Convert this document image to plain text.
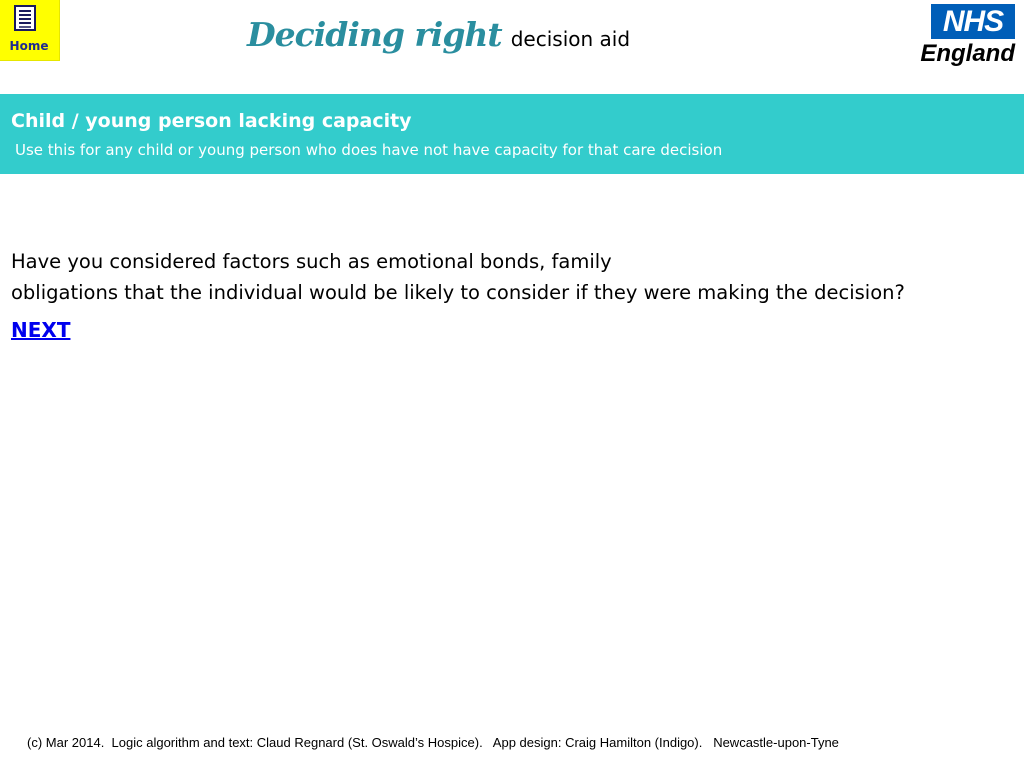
Home	Deciding right decision aid
NHS
England
Child / young person lacking capacity
Use this for any child or young person who does have not have capacity for that care decision
Have you considered factors such as emotional bonds, family
obligations that the individual would be likely to consider if they were making the decision?
NEXT
(c) Mar 2014.  Logic algorithm and text: Claud Regnard (St. Oswald’s Hospice).   App design: Craig Hamilton (Indigo).   Newcastle-upon-Tyne
